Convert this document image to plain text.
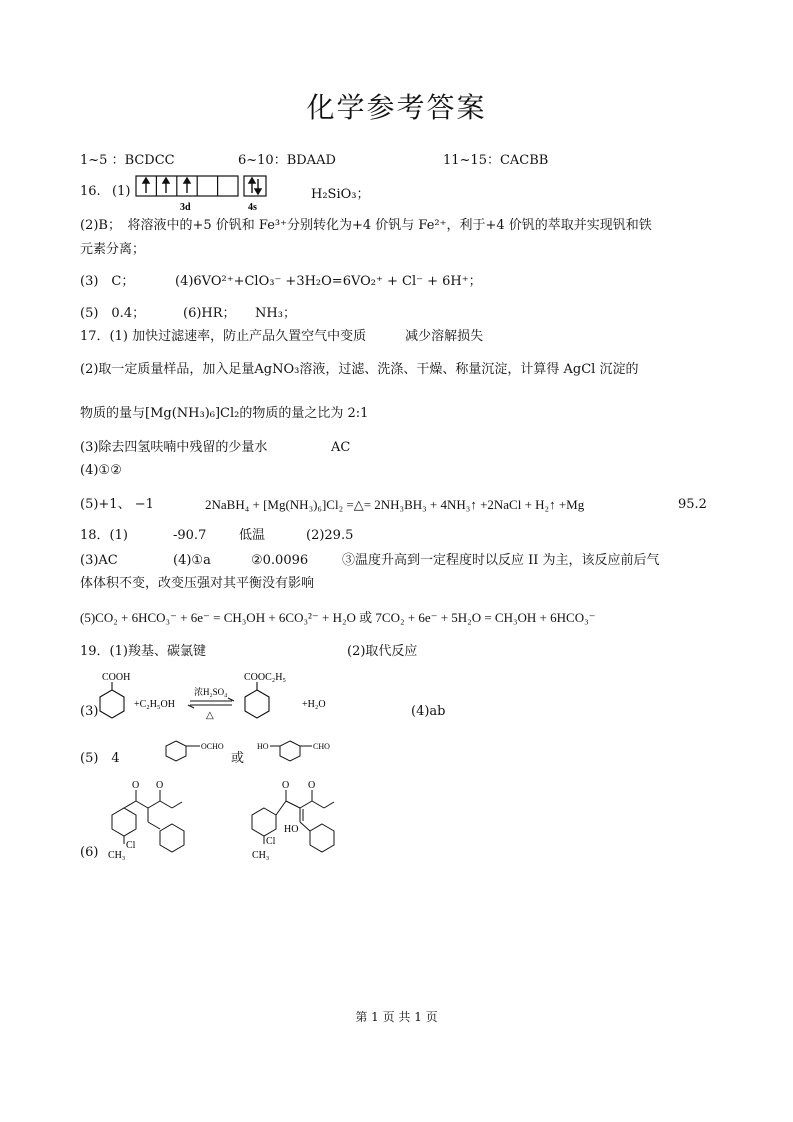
化学参考答案
1~5 ：BCDCC	6~10：BDAAD	11~15：CACBB
16. (1)
3d	4s
H₂SiO₃；
(2)B；　将溶液中的+5 价钒和 Fe³⁺分别转化为+4 价钒与 Fe²⁺，利于+4 价钒的萃取并实现钒和铁
元素分离；
(3)　C；	(4)6VO²⁺+ClO₃⁻ +3H₂O=6VO₂⁺ + Cl⁻ + 6H⁺；
(5)　0.4；	(6)HR；　　NH₃；
17．(1) 加快过滤速率，防止产品久置空气中变质　　　减少溶解损失
(2)取一定质量样品，加入足量AgNO₃溶液，过滤、洗涤、干燥、称量沉淀，计算得 AgCl 沉淀的
物质的量与[Mg(NH₃)₆]Cl₂的物质的量之比为 2:1
(3)除去四氢呋喃中残留的少量水	AC
(4)①②
(5)+1、 −1	2NaBH₄ + [Mg(NH₃)₆]Cl₂ =△= 2NH₃BH₃ + 4NH₃↑ +2NaCl + H₂↑ +Mg	95.2
18．(1)	-90.7	低温	(2)29.5
(3)AC	(4)①a	②0.0096	③温度升高到一定程度时以反应 II 为主，该反应前后气
体体积不变，改变压强对其平衡没有影响
(5)CO₂ + 6HCO₃⁻ + 6e⁻ = CH₃OH + 6CO₃²⁻ + H₂O 或 7CO₂ + 6e⁻ + 5H₂O = CH₃OH + 6HCO₃⁻
19．(1)羧基、碳氯键	(2)取代反应
(3)
COOH
+C₂H₅OH
浓H₂SO₄
△
COOC₂H₅
+H₂O	(4)ab
(5)　4
OCHO	HO	CHO
或
(6)
O O
Cl
CH₃
O O
HO
Cl
CH₃
第 1 页 共 1 页
